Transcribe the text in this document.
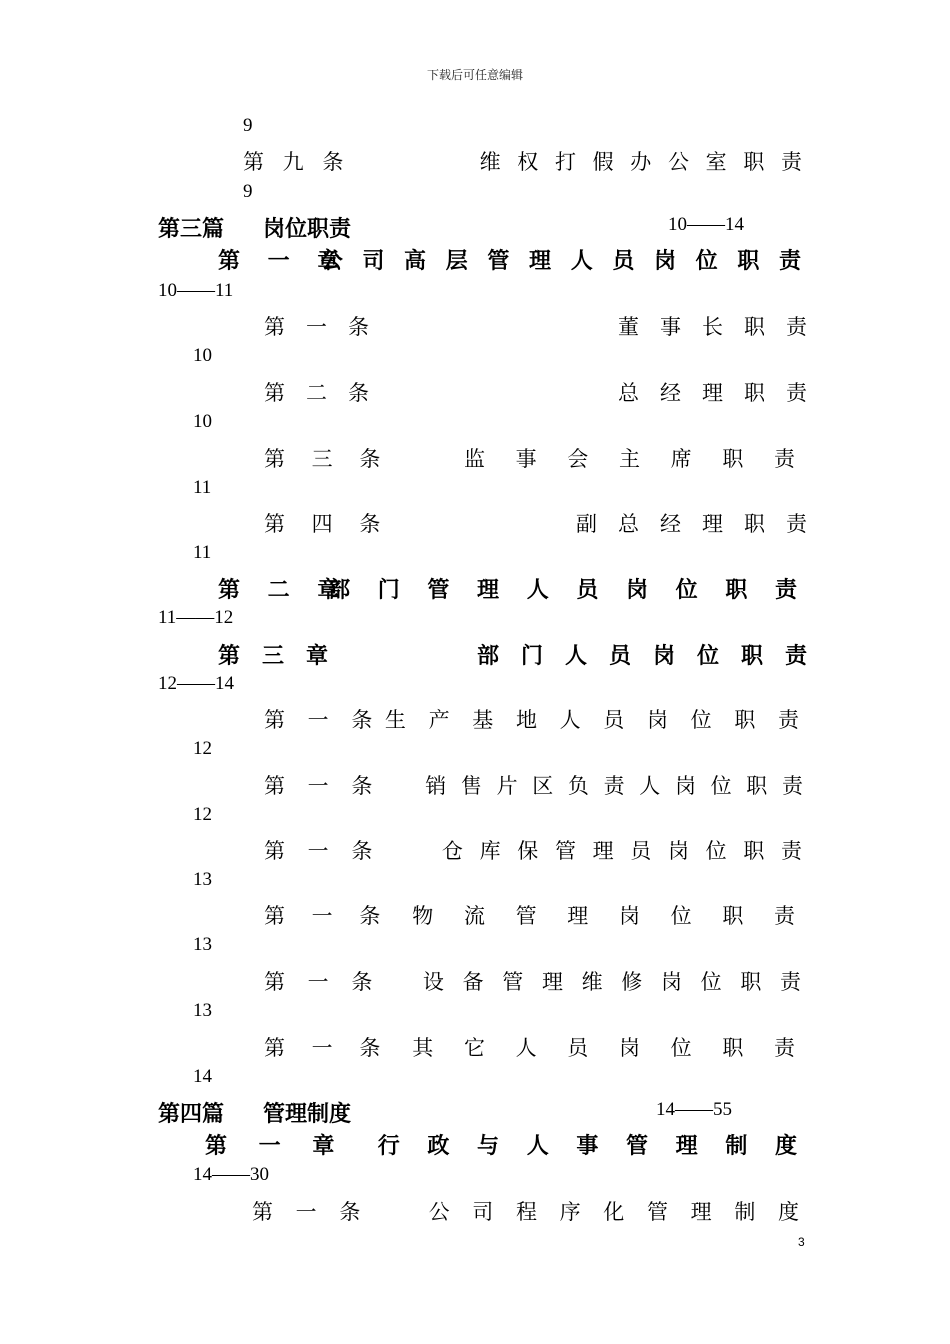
下载后可任意编辑
9
第 九 条	维 权 打 假 办 公 室 职 责
9
第三篇 岗位职责	10——14
第 一 章
公 司 高 层 管 理 人 员 岗 位 职 责
10——11
第　一　条	董　事　长　职　责
10
第　二　条	总　经　理　职　责
10
第 三 条	监 事 会 主 席 职 责
11
第 四 条	副　总　经　理　职　责
11
第 二 章
部 门 管 理 人 员 岗 位 职 责
11——12
第　三　章	部　门　人　员　岗　位　职　责
12——14
第 一 条 生 产 基 地 人 员 岗 位 职 责
12
第 一 条 销 售 片 区 负 责 人 岗 位 职 责
12
第 一 条	仓 库 保 管 理 员 岗 位 职 责
13
第 一 条 物 流 管 理 岗 位 职 责
13
第 一 条 设 备 管 理 维 修 岗 位 职 责
13
第 一 条 其 它 人 员 岗 位 职 责
14
第四篇 管理制度	14——55
第 一 章 行 政 与 人 事 管 理 制 度
14——30
第 一 条	公 司 程 序 化 管 理 制 度
3
